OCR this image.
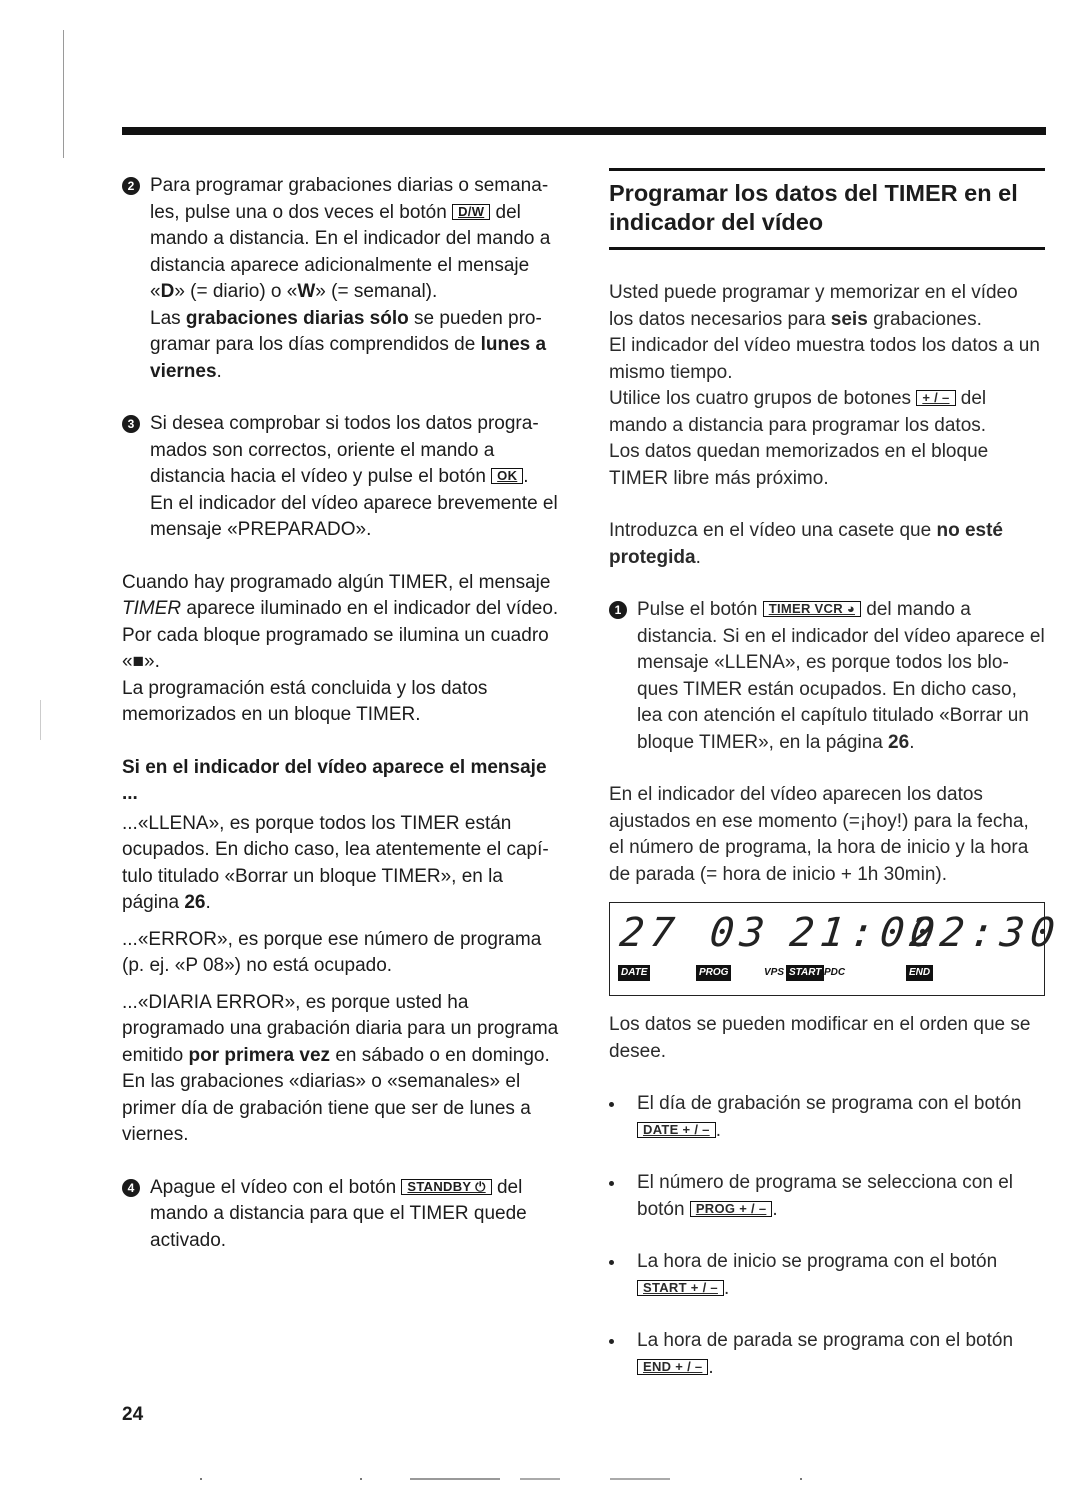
2 Para programar grabaciones diarias o semana-les, pulse una o dos veces el botón D/W del mando a distancia. En el indicador del mando a distancia aparece adicionalmente el mensaje «D» (= diario) o «W» (= semanal).

Las grabaciones diarias sólo se pueden pro-gramar para los días comprendidos de lunes a viernes.

3 Si desea comprobar si todos los datos progra-mados son correctos, oriente el mando a distancia hacia el vídeo y pulse el botón OK .

En el indicador del vídeo aparece brevemente el mensaje «PREPARADO».

Cuando hay programado algún TIMER, el mensaje TIMER aparece iluminado en el indicador del vídeo. Por cada bloque programado se ilumina un cuadro «■».

La programación está concluida y los datos memorizados en un bloque TIMER.

Si en el indicador del vídeo aparece el mensaje ...

...«LLENA», es porque todos los TIMER están ocupados. En dicho caso, lea atentemente el capí-tulo titulado «Borrar un bloque TIMER», en la página 26.

...«ERROR», es porque ese número de programa (p. ej. «P 08») no está ocupado.

...«DIARIA ERROR», es porque usted ha programado una grabación diaria para un programa emitido por primera vez en sábado o en domingo.

En las grabaciones «diarias» o «semanales» el primer día de grabación tiene que ser de lunes a viernes.

4 Apague el vídeo con el botón STANDBY ⏻ del mando a distancia para que el TIMER quede activado.

Programar los datos del TIMER en el indicador del vídeo

Usted puede programar y memorizar en el vídeo los datos necesarios para seis grabaciones.

El indicador del vídeo muestra todos los datos a un mismo tiempo.

Utilice los cuatro grupos de botones + / – del mando a distancia para programar los datos.

Los datos quedan memorizados en el bloque TIMER libre más próximo.

Introduzca en el vídeo una casete que no esté protegida.

1 Pulse el botón TIMER VCR ◕ del mando a distancia. Si en el indicador del vídeo aparece el mensaje «LLENA», es porque todos los blo-ques TIMER están ocupados. En dicho caso, lea con atención el capítulo titulado «Borrar un bloque TIMER», en la página 26.

En el indicador del vídeo aparecen los datos ajustados en ese momento (=¡hoy!) para la fecha, el número de programa, la hora de inicio y la hora de parada (= hora de inicio + 1h 30min).

27 03 21:00
22:30
DATE	PROG	VPS START PDC	END

Los datos se pueden modificar en el orden que se desee.

El día de grabación se programa con el botón
DATE + / – .

El número de programa se selecciona con el botón PROG + / – .

La hora de inicio se programa con el botón
START + / – .

La hora de parada se programa con el botón
END + / – .

24
